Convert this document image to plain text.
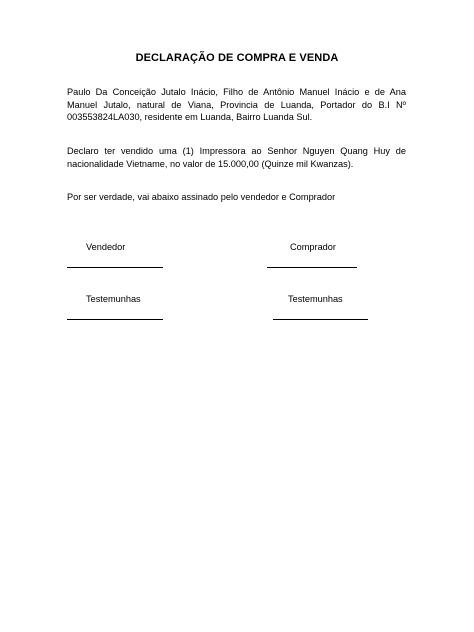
DECLARAÇÃO DE COMPRA E VENDA
Paulo Da Conceição Jutalo Inácio, Filho de Antônio Manuel Inácio e de Ana Manuel Jutalo, natural de Viana, Provincia de Luanda, Portador do B.I Nº 003553824LA030, residente em Luanda, Bairro Luanda Sul.
Declaro ter vendido uma (1) Impressora ao Senhor Nguyen Quang Huy de nacionalidade Vietname, no valor de 15.000,00 (Quinze mil Kwanzas).
Por ser verdade, vai abaixo assinado pelo vendedor e Comprador
Vendedor	Comprador
Testemunhas	Testemunhas
